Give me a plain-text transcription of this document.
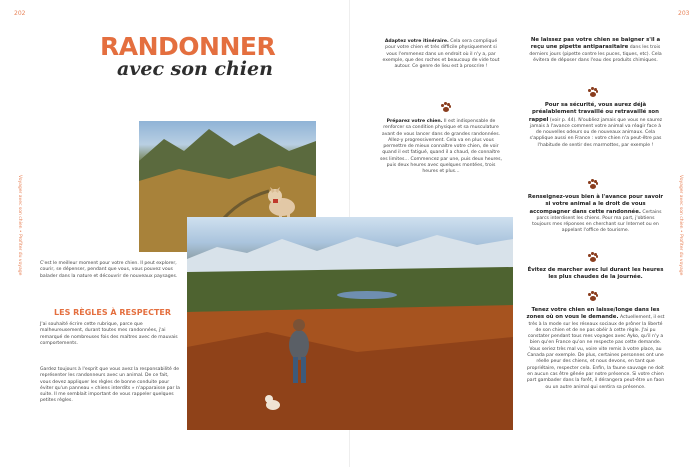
202
Voyager avec son chien • Profiter du voyage
RANDONNER
avec son chien
C'est le meilleur moment pour votre chien. Il peut explorer, courir, se dépenser, pendant que vous, vous pouvez vous balader dans la nature et découvrir de nouveaux paysages.
LES RÈGLES À RESPECTER
J'ai souhaité écrire cette rubrique, parce que malheureusement, durant toutes mes randonnées, j'ai remarqué de nombreuses fois des maîtres avec de mauvais comportements.
Gardez toujours à l'esprit que vous avez la responsabilité de représenter les randonneurs avec un animal. De ce fait, vous devez appliquer les règles de bonne conduite pour éviter qu'un panneau « chiens interdits » n'apparaisse par la suite. Il me semblait important de vous rappeler quelques petites règles.
203
Voyager avec son chien • Profiter du voyage
Adaptez votre itinéraire. Cela sera compliqué pour votre chien et très difficile physiquement si vous l'emmenez dans un endroit où il n'y a, par exemple, que des roches et beaucoup de vide tout autour. Ce genre de lieu est à proscrire !
Préparez votre chien. Il est indispensable de renforcer sa condition physique et sa musculature avant de vous lancer dans de grandes randonnées. Allez-y progressivement. Cela va en plus vous permettre de mieux connaître votre chien, de voir quand il est fatigué, quand il a chaud, de connaître ses limites… Commencez par une, puis deux heures, puis deux heures avec quelques montées, trois heures et plus…
Ne laissez pas votre chien se baigner s'il a reçu une pipette antiparasitaire dans les trois derniers jours (pipette contre les puces, tiques, etc). Cela évitera de déposer dans l'eau des produits chimiques.
Pour sa sécurité, vous aurez déjà préalablement travaillé ou retravaillé son rappel (voir p. 44). N'oubliez jamais que vous ne saurez jamais à l'avance comment votre animal va réagir face à de nouvelles odeurs ou de nouveaux animaux. Cela s'applique aussi en France : votre chien n'a peut-être pas l'habitude de sentir des marmottes, par exemple !
Renseignez-vous bien à l'avance pour savoir si votre animal a le droit de vous accompagner dans cette randonnée. Certains parcs interdisent les chiens. Pour ma part, j'obtiens toujours mes réponses en cherchant sur Internet ou en appelant l'office de tourisme.
Évitez de marcher avec lui durant les heures les plus chaudes de la journée.
Tenez votre chien en laisse/longe dans les zones où on vous le demande. Actuellement, il est très à la mode sur les réseaux sociaux de prôner la liberté de son chien et de ne pas obéir à cette règle. J'ai pu constater pendant tous mes voyages avec Ayko, qu'il n'y a bien qu'en France qu'on ne respecte pas cette demande. Vous seriez très mal vu, voire vite remis à votre place, au Canada par exemple. De plus, certaines personnes ont une réelle peur des chiens, et nous devons, en tant que propriétaire, respecter cela. Enfin, la faune sauvage ne doit en aucun cas être gênée par notre présence. Si votre chien part gambader dans la forêt, il dérangera peut-être un faon ou un autre animal qui sentira sa présence.
